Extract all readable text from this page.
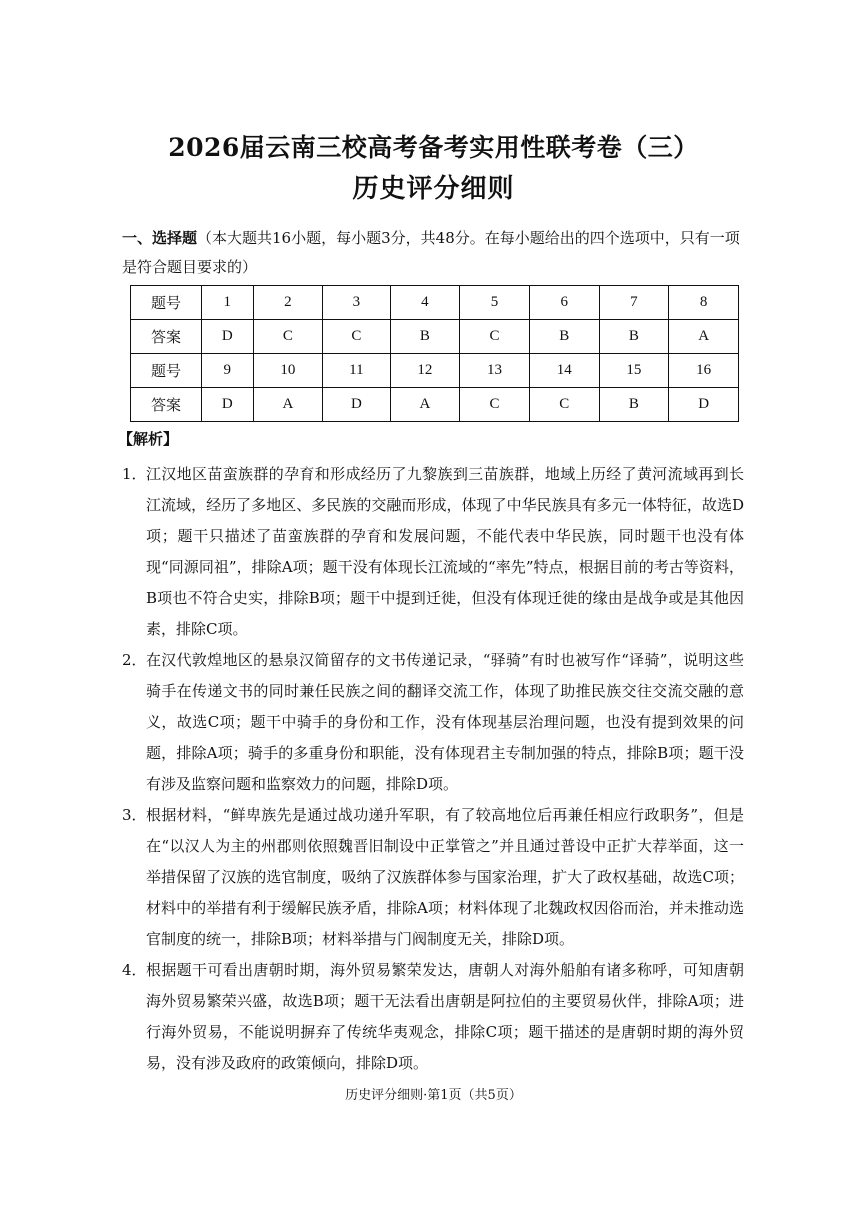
2026届云南三校高考备考实用性联考卷（三）
历史评分细则
一、选择题（本大题共16小题，每小题3分，共48分。在每小题给出的四个选项中，只有一项是符合题目要求的）
题号	1	2	3	4	5	6	7	8
答案	D	C	C	B	C	B	B	A
题号	9	10	11	12	13	14	15	16
答案	D	A	D	A	C	C	B	D
【解析】
1． 江汉地区苗蛮族群的孕育和形成经历了九黎族到三苗族群，地域上历经了黄河流域再到长江流域，经历了多地区、多民族的交融而形成，体现了中华民族具有多元一体特征，故选D项；题干只描述了苗蛮族群的孕育和发展问题，不能代表中华民族，同时题干也没有体现“同源同祖”，排除A项；题干没有体现长江流域的“率先”特点，根据目前的考古等资料，B项也不符合史实，排除B项；题干中提到迁徙，但没有体现迁徙的缘由是战争或是其他因素，排除C项。
2． 在汉代敦煌地区的悬泉汉简留存的文书传递记录，“驿骑”有时也被写作“译骑”，说明这些骑手在传递文书的同时兼任民族之间的翻译交流工作，体现了助推民族交往交流交融的意义，故选C项；题干中骑手的身份和工作，没有体现基层治理问题，也没有提到效果的问题，排除A项；骑手的多重身份和职能，没有体现君主专制加强的特点，排除B项；题干没有涉及监察问题和监察效力的问题，排除D项。
3． 根据材料，“鲜卑族先是通过战功递升军职，有了较高地位后再兼任相应行政职务”，但是在“以汉人为主的州郡则依照魏晋旧制设中正掌管之”并且通过普设中正扩大荐举面，这一举措保留了汉族的选官制度，吸纳了汉族群体参与国家治理，扩大了政权基础，故选C项；材料中的举措有利于缓解民族矛盾，排除A项；材料体现了北魏政权因俗而治，并未推动选官制度的统一，排除B项；材料举措与门阀制度无关，排除D项。
4． 根据题干可看出唐朝时期，海外贸易繁荣发达，唐朝人对海外船舶有诸多称呼，可知唐朝海外贸易繁荣兴盛，故选B项；题干无法看出唐朝是阿拉伯的主要贸易伙伴，排除A项；进行海外贸易，不能说明摒弃了传统华夷观念，排除C项；题干描述的是唐朝时期的海外贸易，没有涉及政府的政策倾向，排除D项。
历史评分细则·第1页（共5页）
